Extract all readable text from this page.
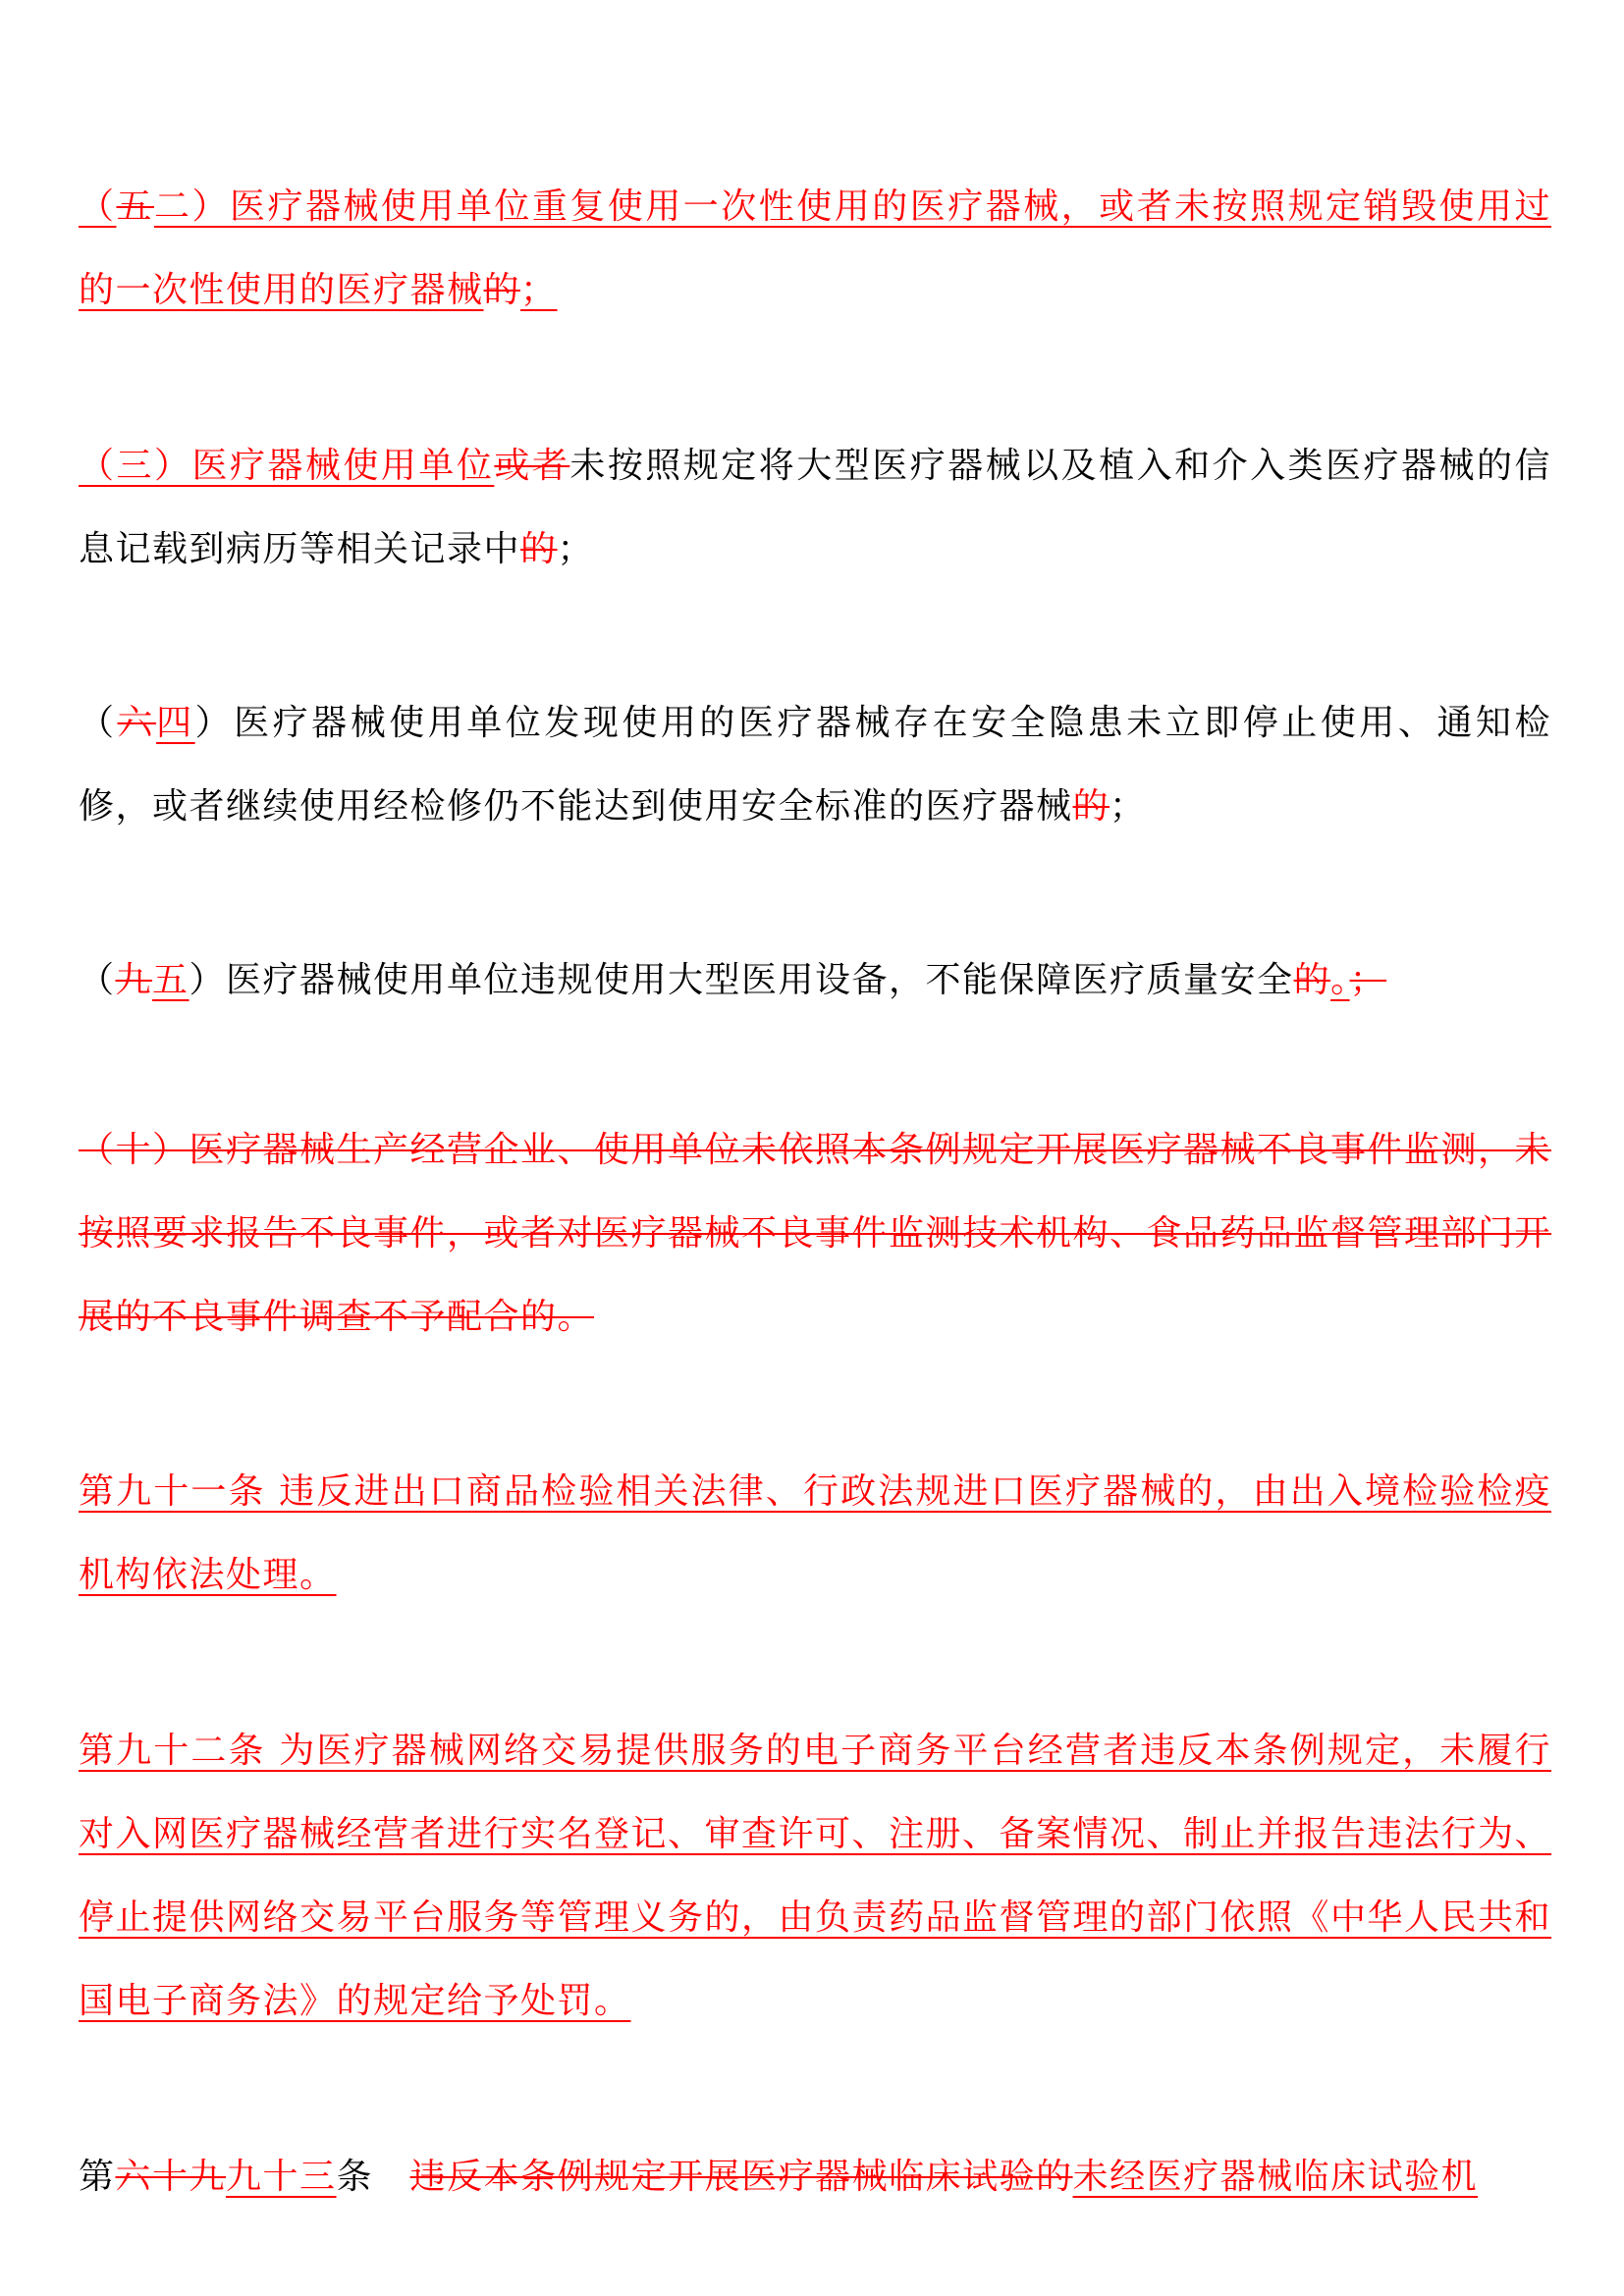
（五二）医疗器械使用单位重复使用一次性使用的医疗器械，或者未按照规定销毁使用过的一次性使用的医疗器械的；
（三）医疗器械使用单位或者未按照规定将大型医疗器械以及植入和介入类医疗器械的信息记载到病历等相关记录中的；
（六四）医疗器械使用单位发现使用的医疗器械存在安全隐患未立即停止使用、通知检修，或者继续使用经检修仍不能达到使用安全标准的医疗器械的；
（九五）医疗器械使用单位违规使用大型医用设备，不能保障医疗质量安全的。；
（十）医疗器械生产经营企业、使用单位未依照本条例规定开展医疗器械不良事件监测，未按照要求报告不良事件，或者对医疗器械不良事件监测技术机构、食品药品监督管理部门开展的不良事件调查不予配合的。
第九十一条 违反进出口商品检验相关法律、行政法规进口医疗器械的，由出入境检验检疫机构依法处理。
第九十二条 为医疗器械网络交易提供服务的电子商务平台经营者违反本条例规定，未履行对入网医疗器械经营者进行实名登记、审查许可、注册、备案情况、制止并报告违法行为、停止提供网络交易平台服务等管理义务的，由负责药品监督管理的部门依照《中华人民共和国电子商务法》的规定给予处罚。
第六十九九十三条　违反本条例规定开展医疗器械临床试验的未经医疗器械临床试验机
